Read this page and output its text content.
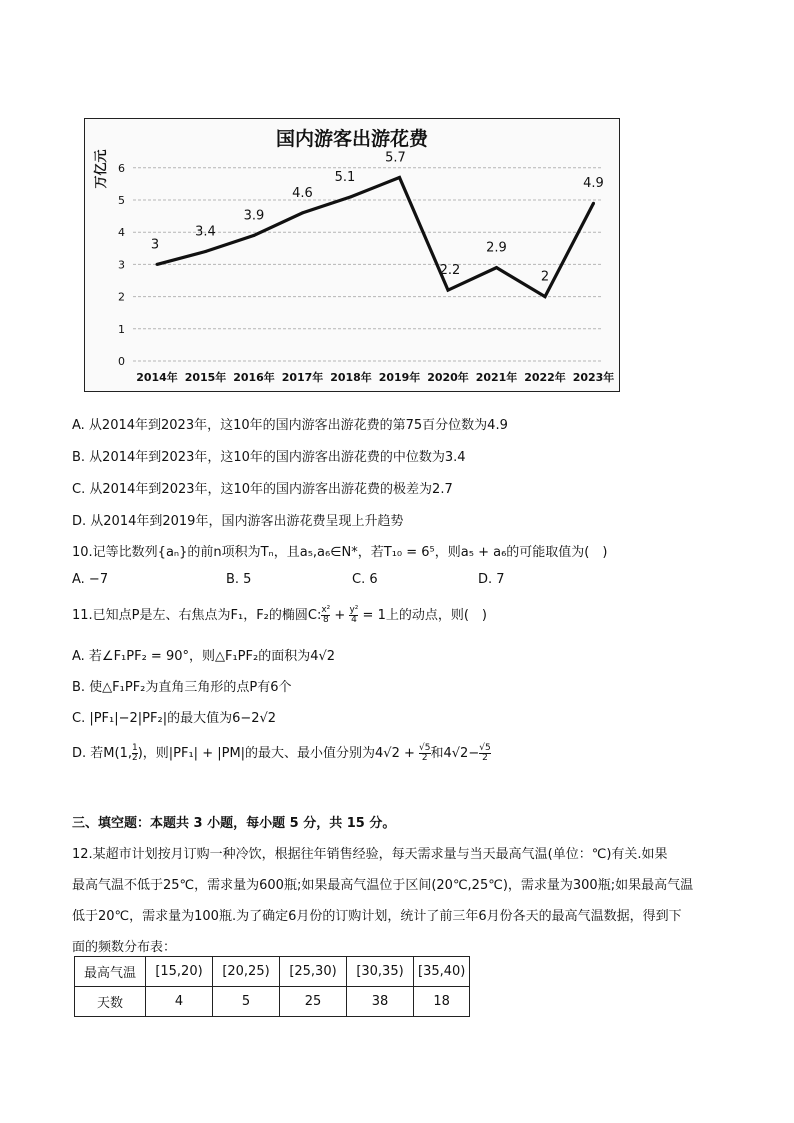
国内游客出游花费
万亿元
0
1
2
3
4
5
6
2014年 2015年 2016年 2017年 2018年 2019年 2020年 2021年 2022年 2023年
3
3.4
3.9
4.6
5.1
5.7
2.2
2.9
2
4.9
A. 从2014年到2023年，这10年的国内游客出游花费的第75百分位数为4.9
B. 从2014年到2023年，这10年的国内游客出游花费的中位数为3.4
C. 从2014年到2023年，这10年的国内游客出游花费的极差为2.7
D. 从2014年到2019年，国内游客出游花费呈现上升趋势
10.记等比数列{aₙ}的前n项积为Tₙ，且a₅,a₆∈N*，若T₁₀ = 6⁵，则a₅ + a₆的可能取值为(　)
A. −7	B. 5	C. 6	D. 7
11.已知点P是左、右焦点为F₁，F₂的椭圆C: $\frac{\text{x²}}{8} + \frac{\text{y²}}{4} = 1$上的动点，则(　)
A. 若∠F₁PF₂ = 90°，则△F₁PF₂的面积为4√2
B. 使△F₁PF₂为直角三角形的点P有6个
C. |PF₁|−2|PF₂|的最大值为6−2√2
D. 若M(1, $\frac{1}{2}$ )，则|PF₁| + |PM|的最大、最小值分别为$4√2 + \frac{√5}{2}$ 和$4√2- \frac{√5}{2}$
三、填空题：本题共 3 小题，每小题 5 分，共 15 分。
12.某超市计划按月订购一种冷饮，根据往年销售经验，每天需求量与当天最高气温(单位：℃)有关.如果
最高气温不低于25℃，需求量为600瓶;如果最高气温位于区间(20℃,25℃)，需求量为300瓶;如果最高气温
低于20℃，需求量为100瓶.为了确定6月份的订购计划，统计了前三年6月份各天的最高气温数据，得到下
面的频数分布表：
最高气温	[15,20)	[20,25)	[25,30)	[30,35)	[35,40)
天数	4	5	25	38	18
